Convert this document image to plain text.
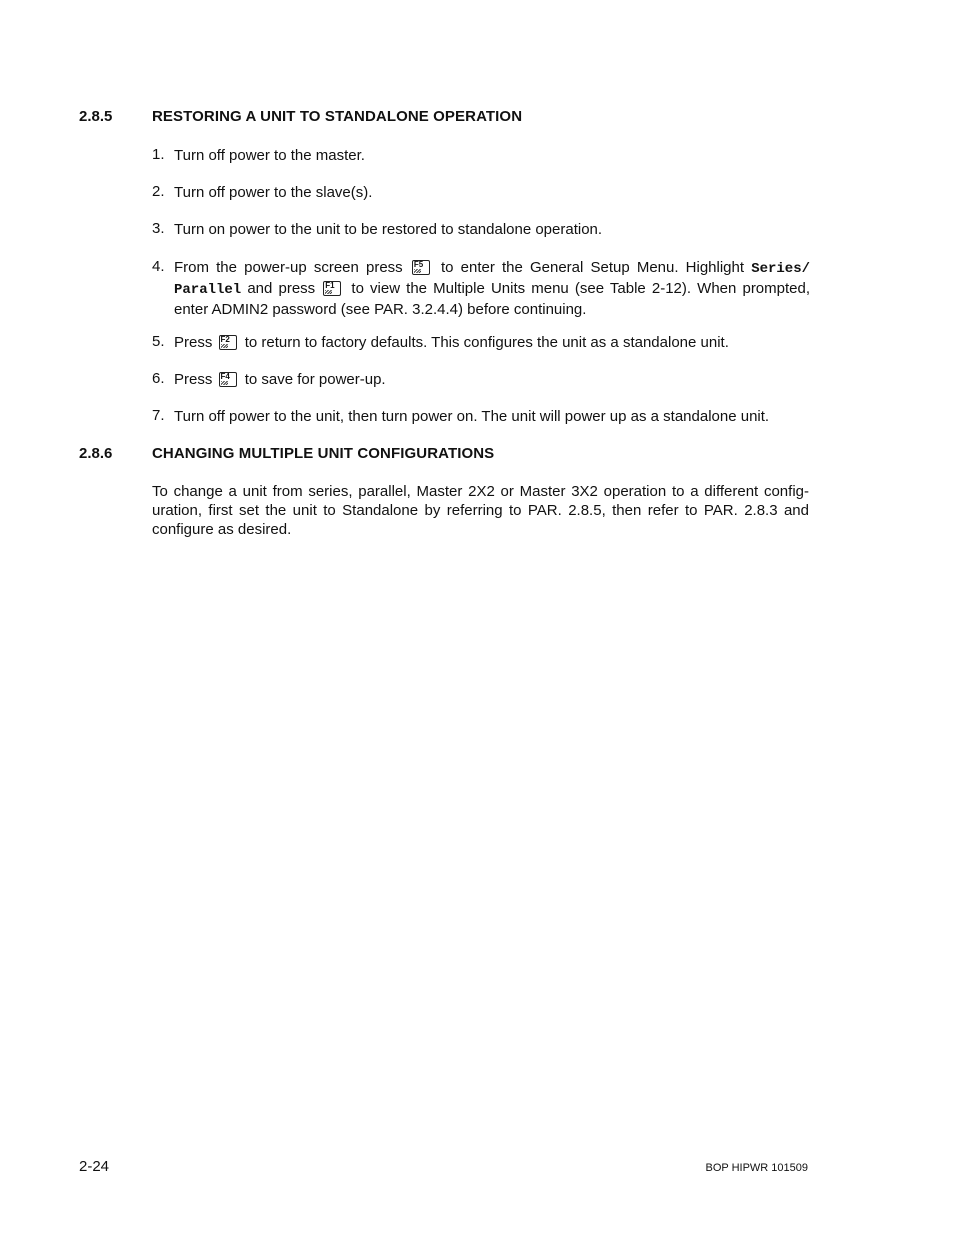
2.8.5	RESTORING A UNIT TO STANDALONE OPERATION
1. Turn off power to the master.
2. Turn off power to the slave(s).
3. Turn on power to the unit to be restored to standalone operation.
4. From the power-up screen press F5 to enter the General Setup Menu. Highlight Series/ Parallel and press F1 to view the Multiple Units menu (see Table 2-12). When prompted, enter ADMIN2 password (see PAR. 3.2.4.4) before continuing.
5. Press F2 to return to factory defaults. This configures the unit as a standalone unit.
6. Press F4 to save for power-up.
7. Turn off power to the unit, then turn power on. The unit will power up as a standalone unit.
2.8.6	CHANGING MULTIPLE UNIT CONFIGURATIONS
To change a unit from series, parallel, Master 2X2 or Master 3X2 operation to a different config-uration, first set the unit to Standalone by referring to PAR. 2.8.5, then refer to PAR. 2.8.3 and configure as desired.
2-24	BOP HIPWR 101509
